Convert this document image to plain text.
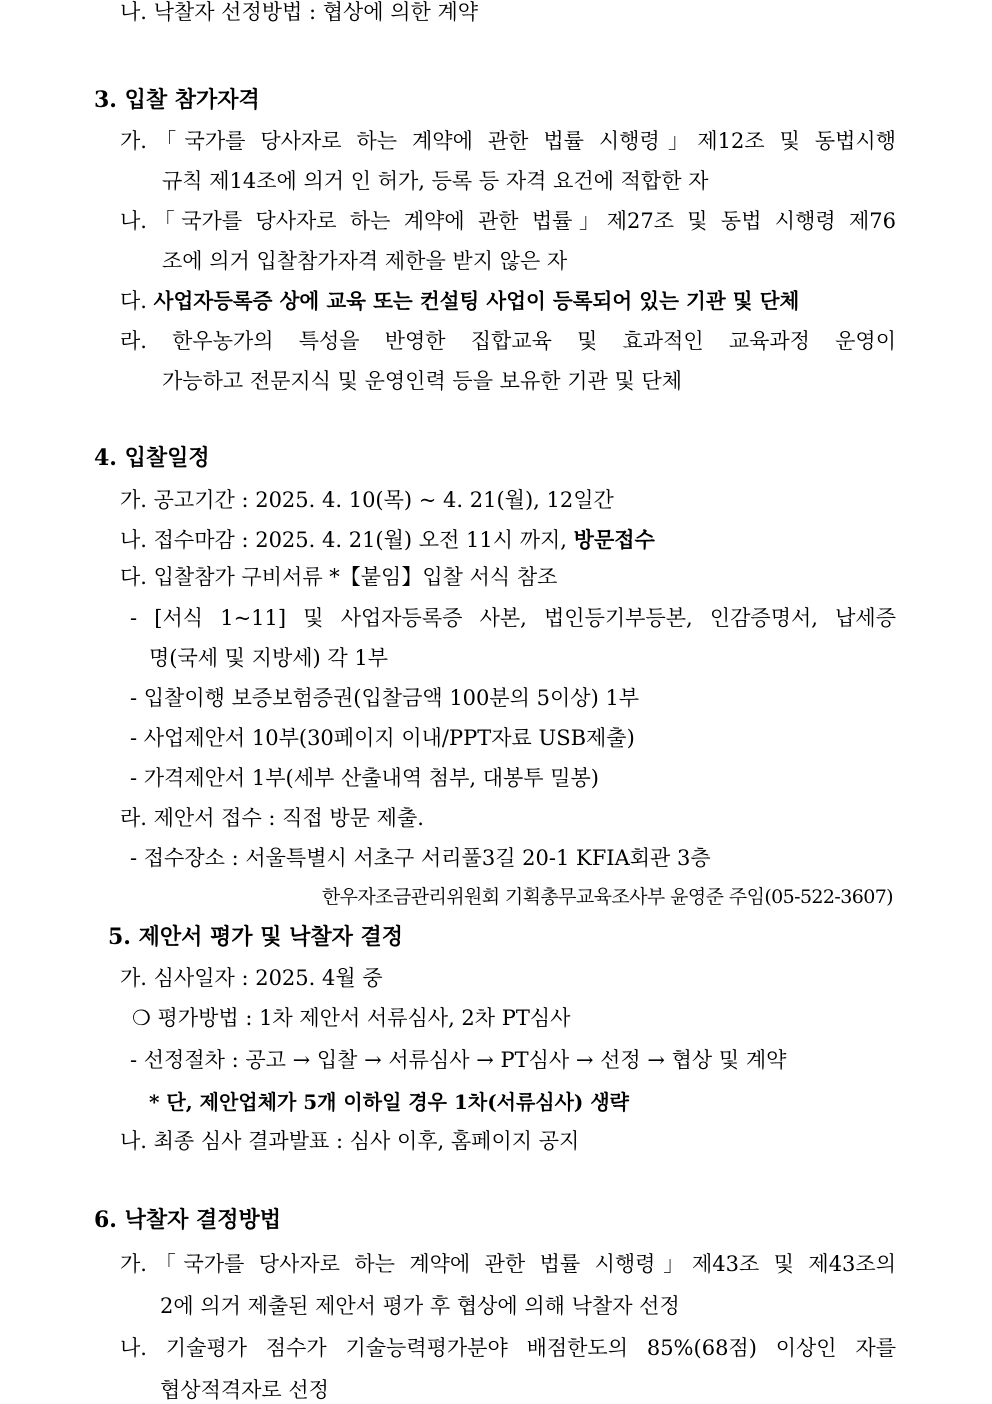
나. 낙찰자 선정방법 : 협상에 의한 계약
3. 입찰 참가자격
가.「국가를 당사자로 하는 계약에 관한 법률 시행령」제12조 및 동법시행
규칙 제14조에 의거 인 허가, 등록 등 자격 요건에 적합한 자
나.「국가를 당사자로 하는 계약에 관한 법률」제27조 및 동법 시행령 제76
조에 의거 입찰참가자격 제한을 받지 않은 자
다. 사업자등록증 상에 교육 또는 컨설팅 사업이 등록되어 있는 기관 및 단체
라. 한우농가의 특성을 반영한 집합교육 및 효과적인 교육과정 운영이
가능하고 전문지식 및 운영인력 등을 보유한 기관 및 단체
4. 입찰일정
가. 공고기간 : 2025. 4. 10(목) ~ 4. 21(월), 12일간
나. 접수마감 : 2025. 4. 21(월) 오전 11시 까지, 방문접수
다. 입찰참가 구비서류 *【붙임】입찰 서식 참조
- [서식 1~11] 및 사업자등록증 사본, 법인등기부등본, 인감증명서, 납세증
명(국세 및 지방세) 각 1부
- 입찰이행 보증보험증권(입찰금액 100분의 5이상) 1부
- 사업제안서 10부(30페이지 이내/PPT자료 USB제출)
- 가격제안서 1부(세부 산출내역 첨부, 대봉투 밀봉)
라. 제안서 접수 : 직접 방문 제출.
- 접수장소 : 서울특별시 서초구 서리풀3길 20-1 KFIA회관 3층
한우자조금관리위원회 기획총무교육조사부 윤영준 주임(05-522-3607)
5. 제안서 평가 및 낙찰자 결정
가. 심사일자 : 2025. 4월 중
❍ 평가방법 : 1차 제안서 서류심사, 2차 PT심사
- 선정절차 : 공고 → 입찰 → 서류심사 → PT심사 → 선정 → 협상 및 계약
* 단, 제안업체가 5개 이하일 경우 1차(서류심사) 생략
나. 최종 심사 결과발표 : 심사 이후, 홈페이지 공지
6. 낙찰자 결정방법
가.「국가를 당사자로 하는 계약에 관한 법률 시행령」제43조 및 제43조의
2에 의거 제출된 제안서 평가 후 협상에 의해 낙찰자 선정
나. 기술평가 점수가 기술능력평가분야 배점한도의 85%(68점) 이상인 자를
협상적격자로 선정
